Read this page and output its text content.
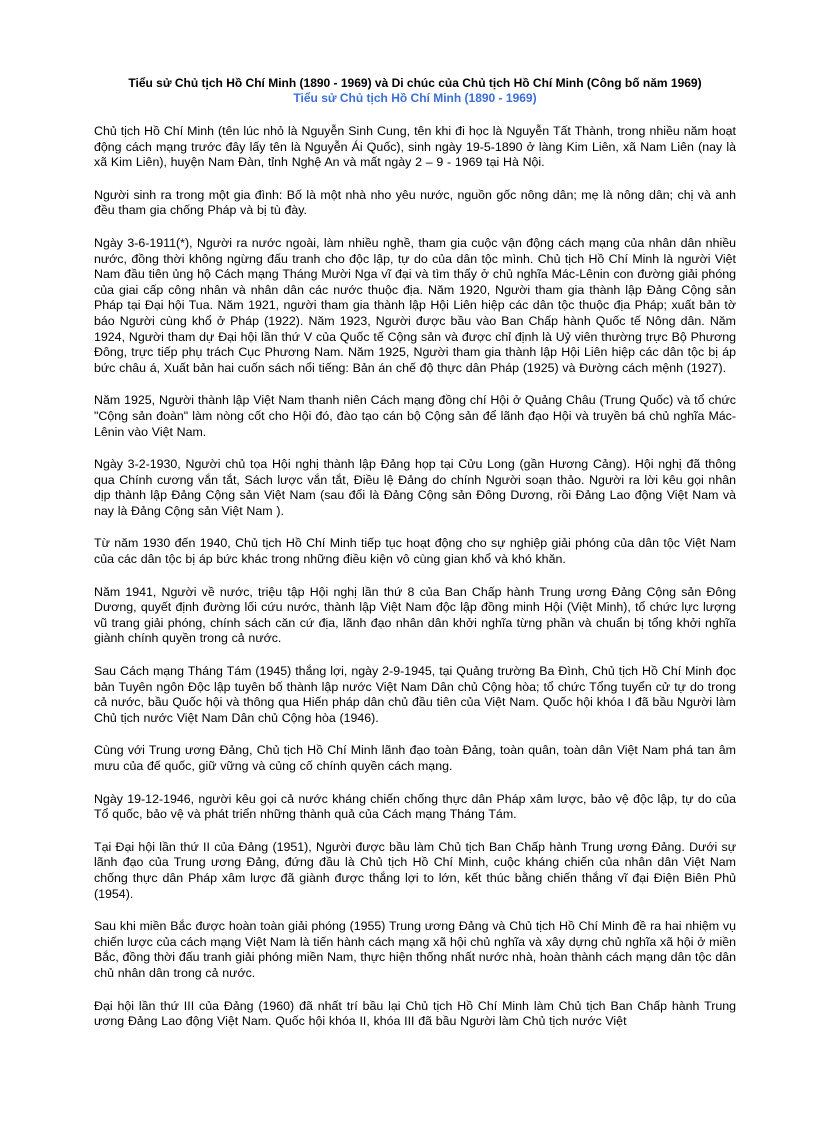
Tiểu sử Chủ tịch Hồ Chí Minh (1890 - 1969) và Di chúc của Chủ tịch Hồ Chí Minh (Công bố năm 1969)
Tiểu sử Chủ tịch Hồ Chí Minh (1890 - 1969)

Chủ tịch Hồ Chí Minh (tên lúc nhỏ là Nguyễn Sinh Cung, tên khi đi học là Nguyễn Tất Thành, trong nhiều năm hoạt động cách mạng trước đây lấy tên là Nguyễn Ái Quốc), sinh ngày 19-5-1890 ở làng Kim Liên, xã Nam Liên (nay là xã Kim Liên), huyện Nam Đàn, tỉnh Nghệ An và mất ngày 2 – 9 - 1969 tại Hà Nội.

Người sinh ra trong một gia đình: Bố là một nhà nho yêu nước, nguồn gốc nông dân; mẹ là nông dân; chị và anh đều tham gia chống Pháp và bị tù đày.

Ngày 3-6-1911(*), Người ra nước ngoài, làm nhiều nghề, tham gia cuộc vận động cách mạng của nhân dân nhiều nước, đồng thời không ngừng đấu tranh cho độc lập, tự do của dân tộc mình. Chủ tịch Hồ Chí Minh là người Việt Nam đầu tiên ủng hộ Cách mạng Tháng Mười Nga vĩ đại và tìm thấy ở chủ nghĩa Mác-Lênin con đường giải phóng của giai cấp công nhân và nhân dân các nước thuộc địa. Năm 1920, Người tham gia thành lập Đảng Cộng sản Pháp tại Đại hội Tua. Năm 1921, người tham gia thành lập Hội Liên hiệp các dân tộc thuộc địa Pháp; xuất bản tờ báo Người cùng khổ ở Pháp (1922). Năm 1923, Người được bầu vào Ban Chấp hành Quốc tế Nông dân. Năm 1924, Người tham dự Đại hội lần thứ V của Quốc tế Cộng sản và được chỉ định là Uỷ viên thường trực Bộ Phương Đông, trực tiếp phụ trách Cục Phương Nam. Năm 1925, Người tham gia thành lập Hội Liên hiệp các dân tộc bị áp bức châu á, Xuất bản hai cuốn sách nổi tiếng: Bản án chế độ thực dân Pháp (1925) và Đường cách mệnh (1927).

Năm 1925, Người thành lập Việt Nam thanh niên Cách mạng đồng chí Hội ở Quảng Châu (Trung Quốc) và tổ chức "Cộng sản đoàn" làm nòng cốt cho Hội đó, đào tạo cán bộ Cộng sản để lãnh đạo Hội và truyền bá chủ nghĩa Mác-Lênin vào Việt Nam.

Ngày 3-2-1930, Người chủ tọa Hội nghị thành lập Đảng họp tại Cửu Long (gần Hương Cảng). Hội nghị đã thông qua Chính cương vắn tắt, Sách lược vắn tắt, Điều lệ Đảng do chính Người soạn thảo. Người ra lời kêu gọi nhân dịp thành lập Đảng Cộng sản Việt Nam (sau đổi là Đảng Cộng sản Đông Dương, rồi Đảng Lao động Việt Nam và nay là Đảng Cộng sản Việt Nam ).

Từ năm 1930 đến 1940, Chủ tịch Hồ Chí Minh tiếp tục hoạt động cho sự nghiệp giải phóng của dân tộc Việt Nam của các dân tộc bị áp bức khác trong những điều kiện vô cùng gian khổ và khó khăn.

Năm 1941, Người về nước, triệu tập Hội nghị lần thứ 8 của Ban Chấp hành Trung ương Đảng Cộng sản Đông Dương, quyết định đường lối cứu nước, thành lập Việt Nam độc lập đồng minh Hội (Việt Minh), tổ chức lực lượng vũ trang giải phóng, chính sách căn cứ địa, lãnh đạo nhân dân khởi nghĩa từng phần và chuẩn bị tổng khởi nghĩa giành chính quyền trong cả nước.

Sau Cách mạng Tháng Tám (1945) thắng lợi, ngày 2-9-1945, tại Quảng trường Ba Đình, Chủ tịch Hồ Chí Minh đọc bản Tuyên ngôn Độc lập tuyên bố thành lập nước Việt Nam Dân chủ Cộng hòa; tổ chức Tổng tuyển cử tự do trong cả nước, bầu Quốc hội và thông qua Hiến pháp dân chủ đầu tiên của Việt Nam. Quốc hội khóa I đã bầu Người làm Chủ tịch nước Việt Nam Dân chủ Cộng hòa (1946).

Cùng với Trung ương Đảng, Chủ tịch Hồ Chí Minh lãnh đạo toàn Đảng, toàn quân, toàn dân Việt Nam phá tan âm mưu của đế quốc, giữ vững và củng cố chính quyền cách mạng.

Ngày 19-12-1946, người kêu gọi cả nước kháng chiến chống thực dân Pháp xâm lược, bảo vệ độc lập, tự do của Tổ quốc, bảo vệ và phát triển những thành quả của Cách mạng Tháng Tám.

Tại Đại hội lần thứ II của Đảng (1951), Người được bầu làm Chủ tịch Ban Chấp hành Trung ương Đảng. Dưới sự lãnh đạo của Trung ương Đảng, đứng đầu là Chủ tịch Hồ Chí Minh, cuộc kháng chiến của nhân dân Việt Nam chống thực dân Pháp xâm lược đã giành được thắng lợi to lớn, kết thúc bằng chiến thắng vĩ đại Điện Biên Phủ (1954).

Sau khi miền Bắc được hoàn toàn giải phóng (1955) Trung ương Đảng và Chủ tịch Hồ Chí Minh đề ra hai nhiệm vụ chiến lược của cách mạng Việt Nam là tiến hành cách mạng xã hội chủ nghĩa và xây dựng chủ nghĩa xã hội ở miền Bắc, đồng thời đấu tranh giải phóng miền Nam, thực hiện thống nhất nước nhà, hoàn thành cách mạng dân tộc dân chủ nhân dân trong cả nước.

Đại hội lần thứ III của Đảng (1960) đã nhất trí bầu lại Chủ tịch Hồ Chí Minh làm Chủ tịch Ban Chấp hành Trung ương Đảng Lao động Việt Nam. Quốc hội khóa II, khóa III đã bầu Người làm Chủ tịch nước Việt
